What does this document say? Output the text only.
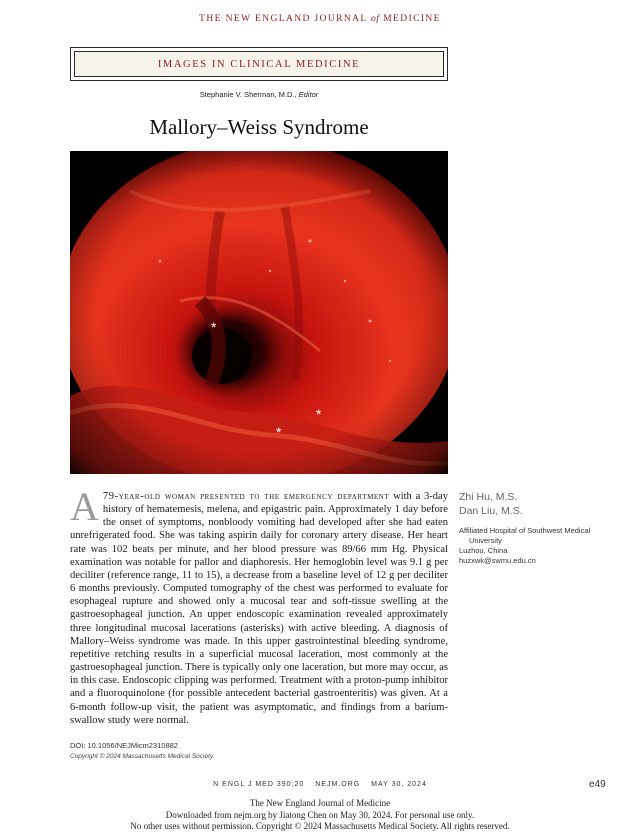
THE NEW ENGLAND JOURNAL of MEDICINE
IMAGES IN CLINICAL MEDICINE
Stephanie V. Sherman, M.D., Editor
Mallory–Weiss Syndrome
*
*
*
A 79-year-old woman presented to the emergency department with a 3-day history of hematemesis, melena, and epigastric pain. Approximately 1 day before the onset of symptoms, nonbloody vomiting had developed after she had eaten unrefrigerated food. She was taking aspirin daily for coronary artery disease. Her heart rate was 102 beats per minute, and her blood pressure was 89/66 mm Hg. Physical examination was notable for pallor and diaphoresis. Her hemoglobin level was 9.1 g per deciliter (reference range, 11 to 15), a decrease from a baseline level of 12 g per deciliter 6 months previously. Computed tomography of the chest was performed to evaluate for esophageal rupture and showed only a mucosal tear and soft-tissue swelling at the gastroesophageal junction. An upper endoscopic examination revealed approximately three longitudinal mucosal lacerations (asterisks) with active bleeding. A diagnosis of Mallory–Weiss syndrome was made. In this upper gastrointestinal bleeding syndrome, repetitive retching results in a superficial mucosal laceration, most commonly at the gastroesophageal junction. There is typically only one laceration, but more may occur, as in this case. Endoscopic clipping was performed. Treatment with a proton-pump inhibitor and a fluoroquinolone (for possible antecedent bacterial gastroenteritis) was given. At a 6-month follow-up visit, the patient was asymptomatic, and findings from a barium-swallow study were normal.
DOI: 10.1056/NEJMicm2310882
Copyright © 2024 Massachusetts Medical Society.
Zhi Hu, M.S.
Dan Liu, M.S.
Affiliated Hospital of Southwest Medical
University
Luzhou, China
huzxwk@swmu.edu.cn
N ENGL J MED 390;20 NEJM.ORG MAY 30, 2024	e49
The New England Journal of Medicine
Downloaded from nejm.org by Jiatong Chen on May 30, 2024. For personal use only.
No other uses without permission. Copyright © 2024 Massachusetts Medical Society. All rights reserved.
